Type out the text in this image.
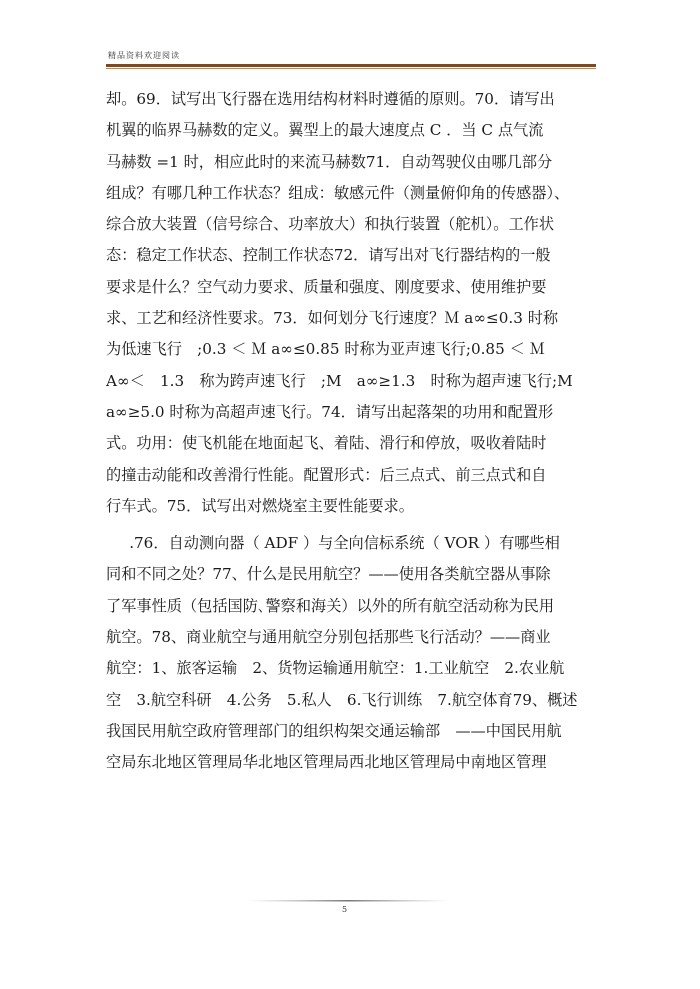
精品资料欢迎阅读
却。69．试写出飞行器在选用结构材料时遵循的原则。70．请写出
机翼的临界马赫数的定义。翼型上的最大速度点 C ．当 C 点气流
马赫数 =1 时，相应此时的来流马赫数71．自动驾驶仪由哪几部分
组成？有哪几种工作状态？组成：敏感元件（测量俯仰角的传感器）、
综合放大装置（信号综合、功率放大）和执行装置（舵机）。工作状
态：稳定工作状态、控制工作状态72．请写出对飞行器结构的一般
要求是什么？空气动力要求、质量和强度、刚度要求、使用维护要
求、工艺和经济性要求。73．如何划分飞行速度？Ｍ a∞≤0.3 时称
为低速飞行　;0.3 ＜ Ｍ a∞≤0.85 时称为亚声速飞行;0.85 ＜ Ｍ
A∞＜　1.3　称为跨声速飞行　;M　a∞≥1.3　时称为超声速飞行;M
a∞≥5.0 时称为高超声速飞行。74．请写出起落架的功用和配置形
式。功用：使飞机能在地面起飞、着陆、滑行和停放，吸收着陆时
的撞击动能和改善滑行性能。配置形式：后三点式、前三点式和自
行车式。75．试写出对燃烧室主要性能要求。
　.76．自动测向器（ ADF ）与全向信标系统（ VOR ）有哪些相
同和不同之处？77、什么是民用航空？——使用各类航空器从事除
了军事性质（包括国防､警察和海关）以外的所有航空活动称为民用
航空。78、商业航空与通用航空分别包括那些飞行活动？——商业
航空：1、旅客运输　2、货物运输通用航空：1.工业航空　2.农业航
空　3.航空科研　4.公务　5.私人　6.飞行训练　7.航空体育79、概述
我国民用航空政府管理部门的组织构架交通运输部　——中国民用航
空局东北地区管理局华北地区管理局西北地区管理局中南地区管理
5
